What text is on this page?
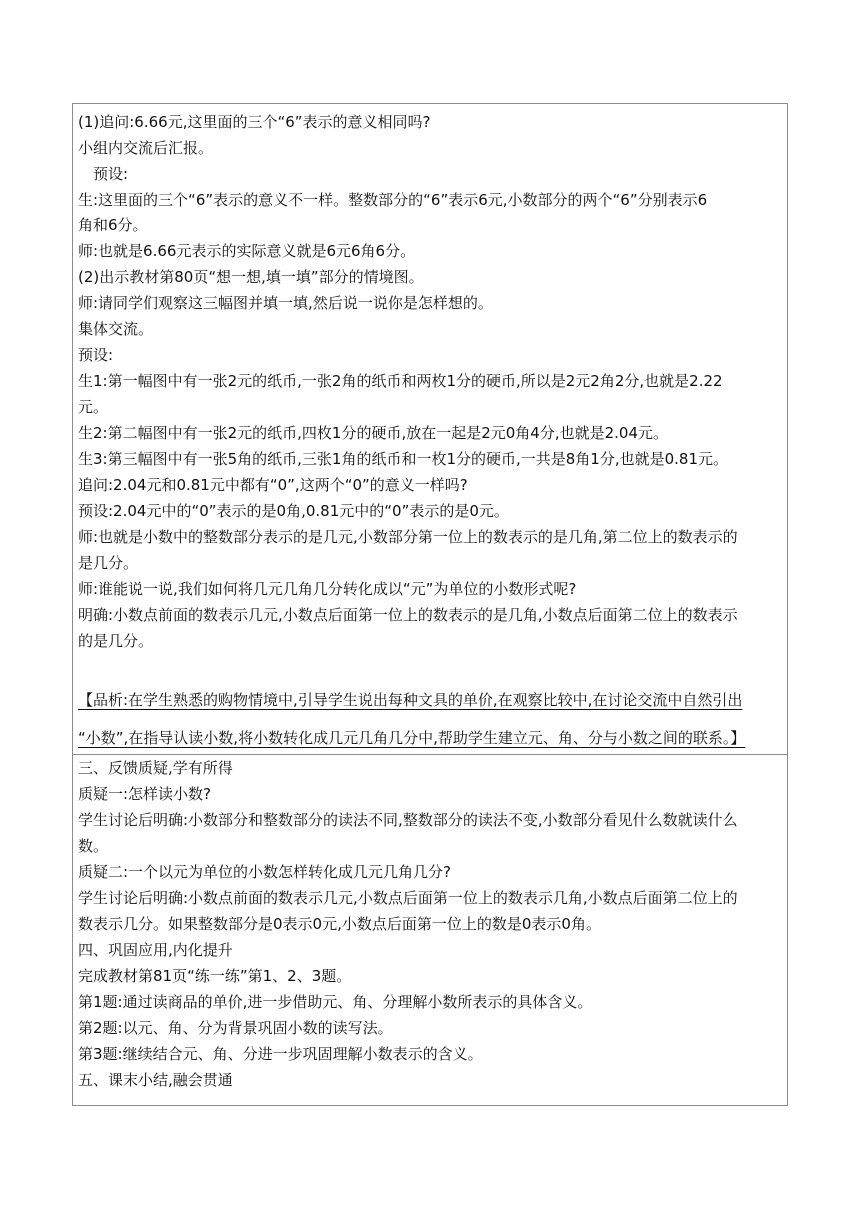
(1)追问:6.66元,这里面的三个“6”表示的意义相同吗?
小组内交流后汇报。
　预设:
生:这里面的三个“6”表示的意义不一样。整数部分的“6”表示6元,小数部分的两个“6”分别表示6
角和6分。
师:也就是6.66元表示的实际意义就是6元6角6分。
(2)出示教材第80页“想一想,填一填”部分的情境图。
师:请同学们观察这三幅图并填一填,然后说一说你是怎样想的。
集体交流。
预设:
生1:第一幅图中有一张2元的纸币,一张2角的纸币和两枚1分的硬币,所以是2元2角2分,也就是2.22
元。
生2:第二幅图中有一张2元的纸币,四枚1分的硬币,放在一起是2元0角4分,也就是2.04元。
生3:第三幅图中有一张5角的纸币,三张1角的纸币和一枚1分的硬币,一共是8角1分,也就是0.81元。
追问:2.04元和0.81元中都有“0”,这两个“0”的意义一样吗?
预设:2.04元中的“0”表示的是0角,0.81元中的“0”表示的是0元。
师:也就是小数中的整数部分表示的是几元,小数部分第一位上的数表示的是几角,第二位上的数表示的
是几分。
师:谁能说一说,我们如何将几元几角几分转化成以“元”为单位的小数形式呢?
明确:小数点前面的数表示几元,小数点后面第一位上的数表示的是几角,小数点后面第二位上的数表示
的是几分。
【品析:在学生熟悉的购物情境中,引导学生说出每种文具的单价,在观察比较中,在讨论交流中自然引出
“小数”,在指导认读小数,将小数转化成几元几角几分中,帮助学生建立元、角、分与小数之间的联系。】
三、反馈质疑,学有所得
质疑一:怎样读小数?
学生讨论后明确:小数部分和整数部分的读法不同,整数部分的读法不变,小数部分看见什么数就读什么
数。
质疑二:一个以元为单位的小数怎样转化成几元几角几分?
学生讨论后明确:小数点前面的数表示几元,小数点后面第一位上的数表示几角,小数点后面第二位上的
数表示几分。如果整数部分是0表示0元,小数点后面第一位上的数是0表示0角。
四、巩固应用,内化提升
完成教材第81页“练一练”第1、2、3题。
第1题:通过读商品的单价,进一步借助元、角、分理解小数所表示的具体含义。
第2题:以元、角、分为背景巩固小数的读写法。
第3题:继续结合元、角、分进一步巩固理解小数表示的含义。
五、课末小结,融会贯通
